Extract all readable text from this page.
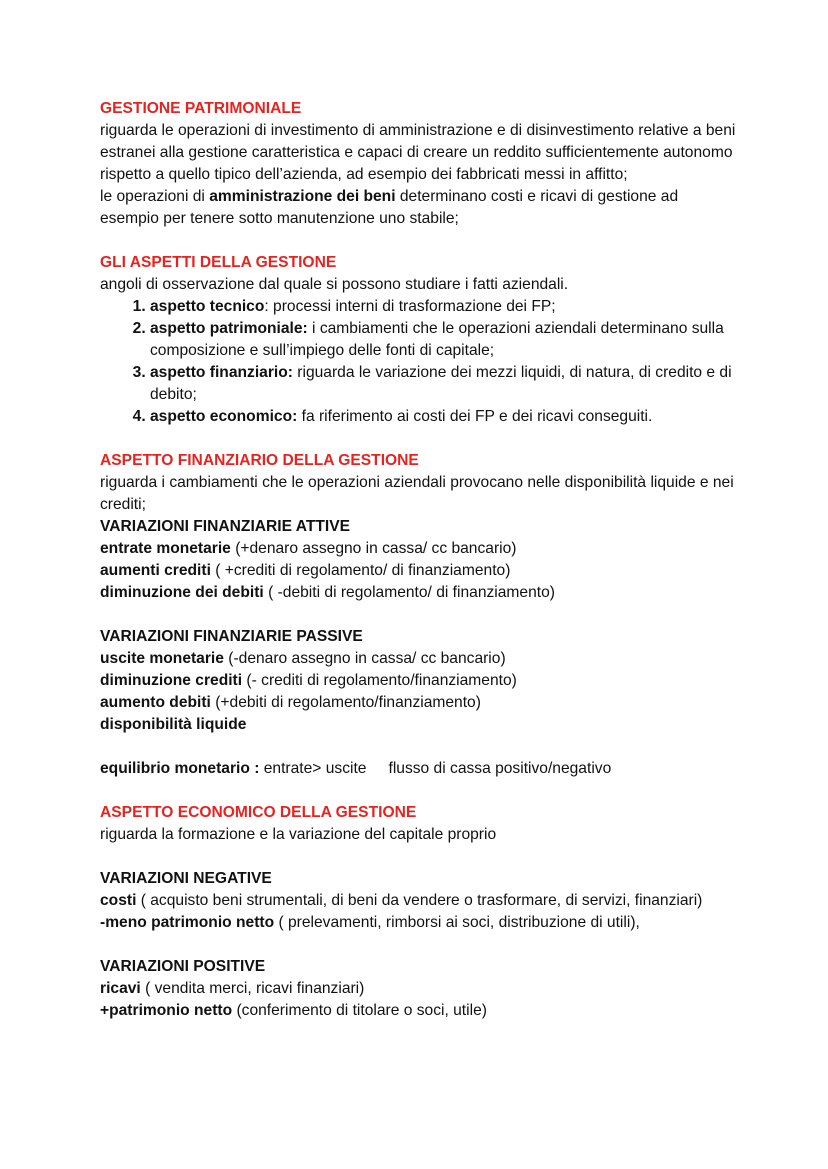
GESTIONE PATRIMONIALE

riguarda le operazioni di investimento di amministrazione e di disinvestimento relative a beni estranei alla gestione caratteristica e capaci di creare un reddito sufficientemente autonomo rispetto a quello tipico dell’azienda, ad esempio dei fabbricati messi in affitto;

le operazioni di amministrazione dei beni determinano costi e ricavi di gestione ad esempio per tenere sotto manutenzione uno stabile;

GLI ASPETTI DELLA GESTIONE

angoli di osservazione dal quale si possono studiare i fatti aziendali.

1. aspetto tecnico: processi interni di trasformazione dei FP;
2. aspetto patrimoniale: i cambiamenti che le operazioni aziendali determinano sulla composizione e sull’impiego delle fonti di capitale;
3. aspetto finanziario: riguarda le variazione dei mezzi liquidi, di natura, di credito e di debito;
4. aspetto economico: fa riferimento ai costi dei FP e dei ricavi conseguiti.

ASPETTO FINANZIARIO DELLA GESTIONE

riguarda i cambiamenti che le operazioni aziendali provocano nelle disponibilità liquide e nei crediti;

VARIAZIONI FINANZIARIE ATTIVE

entrate monetarie (+denaro assegno in cassa/ cc bancario)

aumenti crediti ( +crediti di regolamento/ di finanziamento)

diminuzione dei debiti ( -debiti di regolamento/ di finanziamento)

VARIAZIONI FINANZIARIE PASSIVE

uscite monetarie (-denaro assegno in cassa/ cc bancario)

diminuzione crediti (- crediti di regolamento/finanziamento)

aumento debiti (+debiti di regolamento/finanziamento)

disponibilità liquide

equilibrio monetario : entrate> uscite flusso di cassa positivo/negativo

ASPETTO ECONOMICO DELLA GESTIONE

riguarda la formazione e la variazione del capitale proprio

VARIAZIONI NEGATIVE

costi ( acquisto beni strumentali, di beni da vendere o trasformare, di servizi, finanziari)

-meno patrimonio netto ( prelevamenti, rimborsi ai soci, distribuzione di utili),

VARIAZIONI POSITIVE

ricavi ( vendita merci, ricavi finanziari)

+patrimonio netto (conferimento di titolare o soci, utile)
